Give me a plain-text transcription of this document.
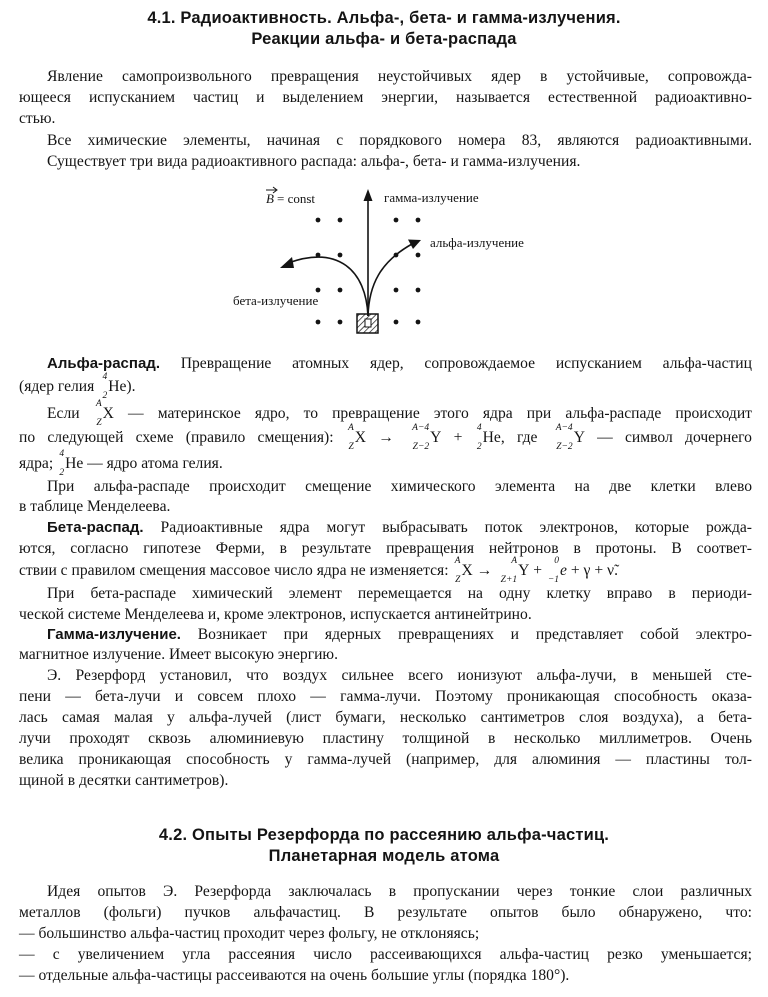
4.1. Радиоактивность. Альфа-, бета- и гамма-излучения.
Реакции альфа- и бета-распада
Явление самопроизвольного превращения неустойчивых ядер в устойчивые, сопровожда-
ющееся испусканием частиц и выделением энергии, называется естественной радиоактивно-
стью.
Все химические элементы, начиная с порядкового номера 83, являются радиоактивными.
Существует три вида радиоактивного распада: альфа-, бета- и гамма-излучения.
B = const	гамма-излучение
альфа-излучение
бета-излучение
Альфа-распад. Превращение атомных ядер, сопровождаемое испусканием альфа-частиц
(ядер гелия
4
2
He).
Если
A
Z
X — материнское ядро, то превращение этого ядра при альфа-распаде происходит
по следующей схеме (правило смещения):
A
Z
X →
A−4
Z−2
Y +
4
2
He, где
A−4
Z−2
Y — символ дочернего
ядра;
4
2
He — ядро атома гелия.
При альфа-распаде происходит смещение химического элемента на две клетки влево
в таблице Менделеева.
Бета-распад. Радиоактивные ядра могут выбрасывать поток электронов, которые рожда-
ются, согласно гипотезе Ферми, в результате превращения нейтронов в протоны. В соответ-
ствии с правилом смещения массовое число ядра не изменяется:
A
Z
X →
A
Z+1
Y +
0
−1
e + γ + ν̃.
При бета-распаде химический элемент перемещается на одну клетку вправо в периоди-
ческой системе Менделеева и, кроме электронов, испускается антинейтрино.
Гамма-излучение. Возникает при ядерных превращениях и представляет собой электро-
магнитное излучение. Имеет высокую энергию.
Э. Резерфорд установил, что воздух сильнее всего ионизуют альфа-лучи, в меньшей сте-
пени — бета-лучи и совсем плохо — гамма-лучи. Поэтому проникающая способность оказа-
лась самая малая у альфа-лучей (лист бумаги, несколько сантиметров слоя воздуха), а бета-
лучи проходят сквозь алюминиевую пластину толщиной в несколько миллиметров. Очень
велика проникающая способность у гамма-лучей (например, для алюминия — пластины тол-
щиной в десятки сантиметров).
4.2. Опыты Резерфорда по рассеянию альфа-частиц.
Планетарная модель атома
Идея опытов Э. Резерфорда заключалась в пропускании через тонкие слои различных
металлов (фольги) пучков альфачастиц. В результате опытов было обнаружено, что:
— большинство альфа-частиц проходит через фольгу, не отклоняясь;
— с увеличением угла рассеяния число рассеивающихся альфа-частиц резко уменьшается;
— отдельные альфа-частицы рассеиваются на очень большие углы (порядка 180°).
